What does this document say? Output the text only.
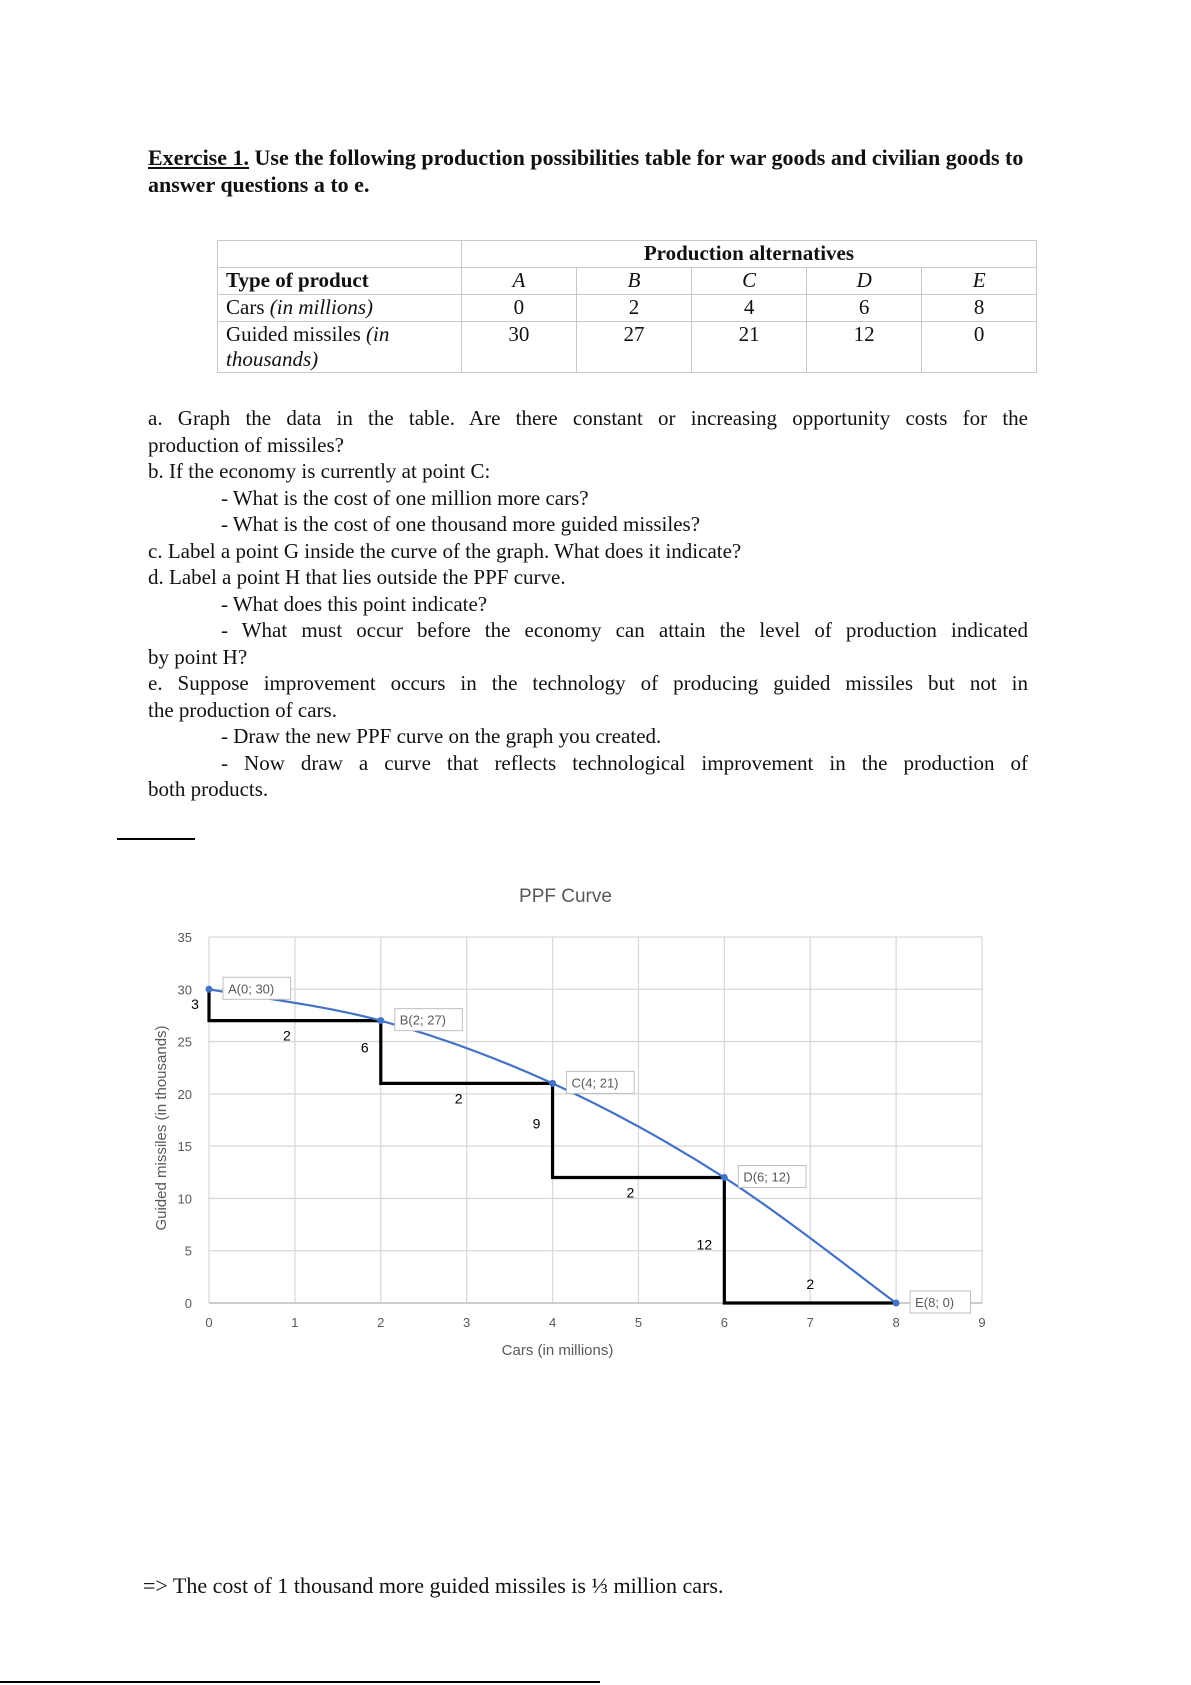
Exercise 1. Use the following production possibilities table for war goods and civilian goods to answer questions a to e.
	Production alternatives				
Type of product	A	B	C	D	E
Cars (in millions)	0	2	4	6	8
Guided missiles (in thousands)	30	27	21	12	0

a. Graph the data in the table. Are there constant or increasing opportunity costs for the

production of missiles?

b. If the economy is currently at point C:

- What is the cost of one million more cars?

- What is the cost of one thousand more guided missiles?

c. Label a point G inside the curve of the graph. What does it indicate?

d. Label a point H that lies outside the PPF curve.

- What does this point indicate?

- What must occur before the economy can attain the level of production indicated

by point H?

e. Suppose improvement occurs in the technology of producing guided missiles but not in

the production of cars.

- Draw the new PPF curve on the graph you created.

- Now draw a curve that reflects technological improvement in the production of

both products.

PPF Curve
0
5
10
15
20
25
30
35
0	1	2	3	4	5	6	7	8	9
Cars (in millions)
Guided missiles (in thousands)
3
2
6
2
9
2
12
2
A(0; 30)
B(2; 27)
C(4; 21)
D(6; 12)
E(8; 0)
=> The cost of 1 thousand more guided missiles is ⅓ million cars.
